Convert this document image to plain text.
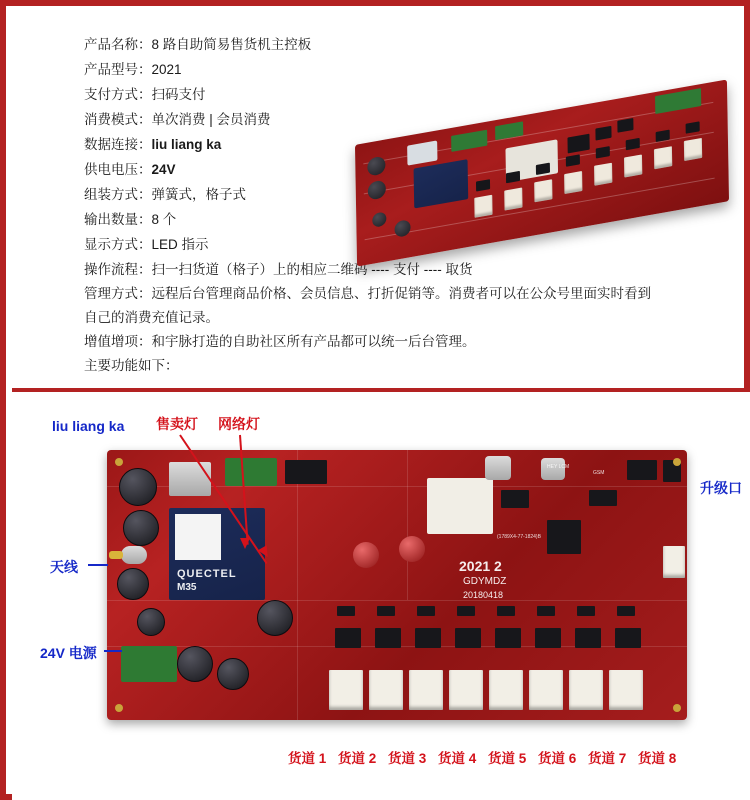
产品名称：8 路自助简易售货机主控板
产品型号：2021
支付方式：扫码支付
消费模式：单次消费 | 会员消费
数据连接：liu liang ka
供电电压：24V
组装方式：弹簧式，格子式
输出数量：8 个
显示方式：LED 指示
操作流程：扫一扫货道（格子）上的相应二维码 ---- 支付 ---- 取货
管理方式：远程后台管理商品价格、会员信息、打折促销等。消费者可以在公众号里面实时看到自己的消费充值记录。
增值增项：和宇脉打造的自助社区所有产品都可以统一后台管理。
主要功能如下：
QUECTEL
M35
2021 2
GDYMDZ
20180418
(1789X4-77-1824)B
HEY LCM
GSM
liu liang ka 售卖灯 网络灯
升级口
天线
24V 电源
货道 1 货道 2 货道 3 货道 4 货道 5 货道 6 货道 7 货道 8
